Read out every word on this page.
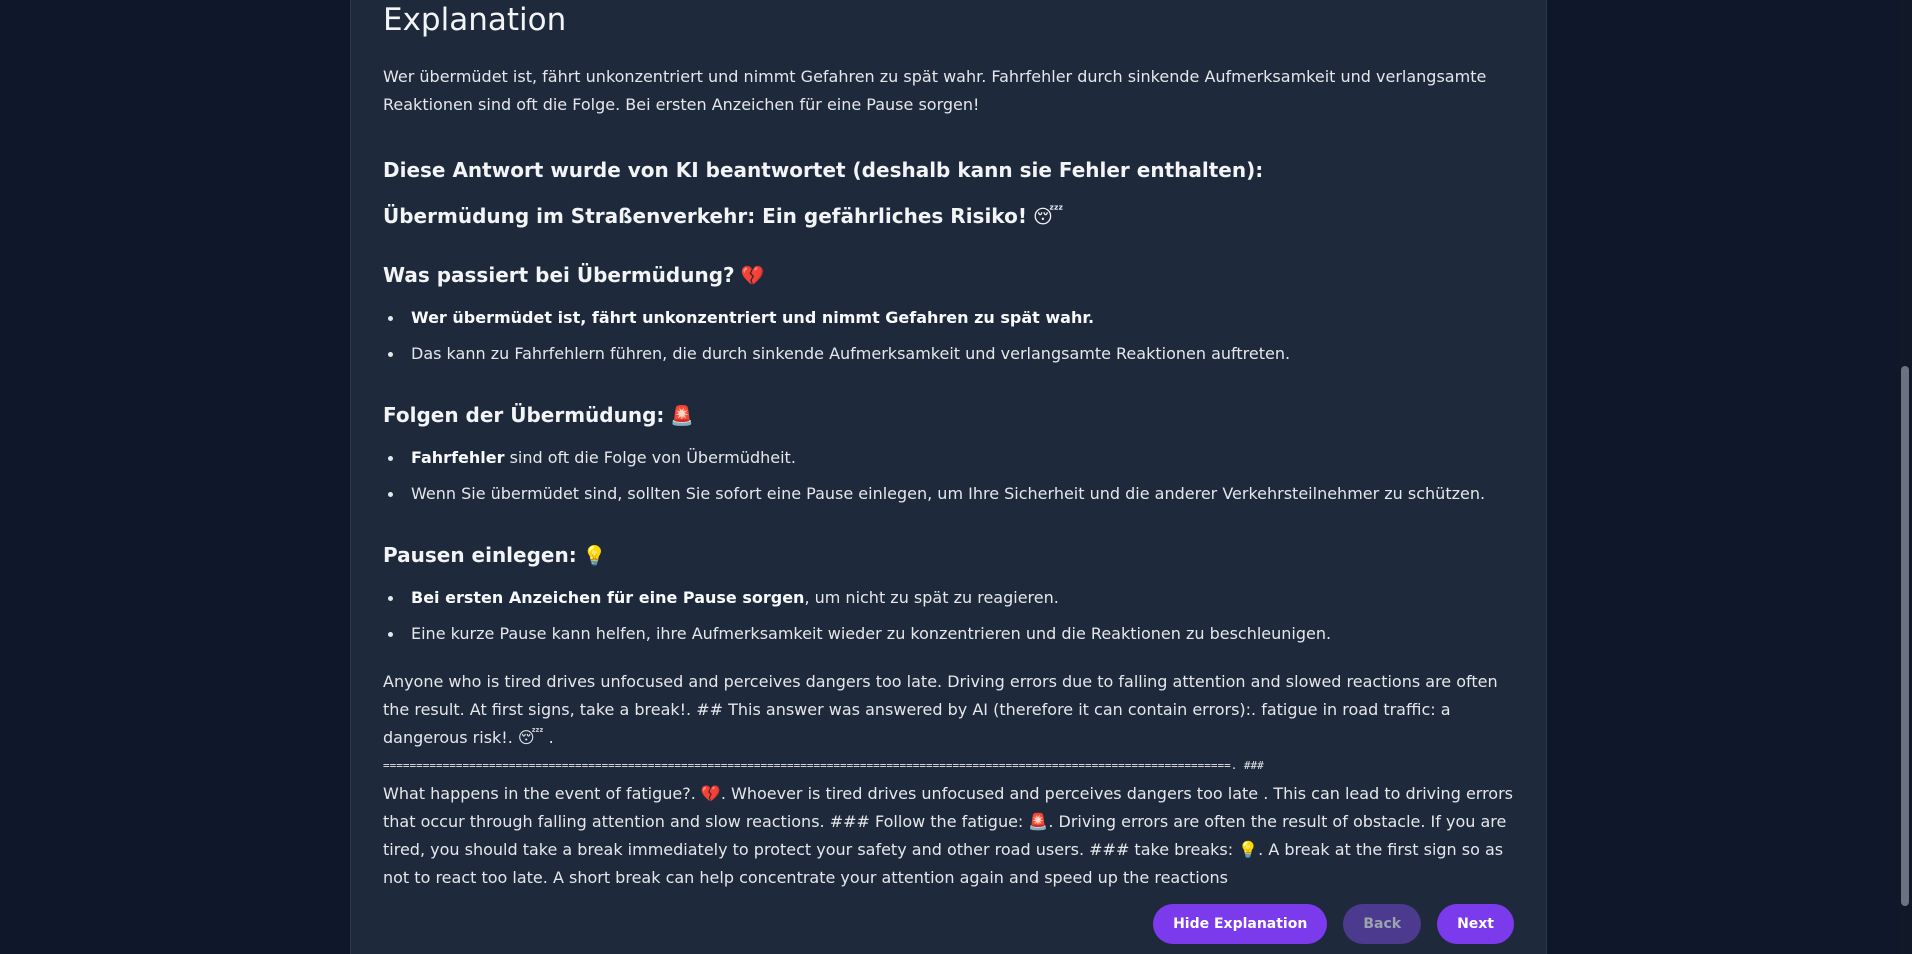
Explanation
Wer übermüdet ist, fährt unkonzentriert und nimmt Gefahren zu spät wahr. Fahrfehler durch sinkende Aufmerksamkeit und verlangsamte Reaktionen sind oft die Folge. Bei ersten Anzeichen für eine Pause sorgen!
Diese Antwort wurde von KI beantwortet (deshalb kann sie Fehler enthalten):
Übermüdung im Straßenverkehr: Ein gefährliches Risiko! 😴
Was passiert bei Übermüdung? 💔
Wer übermüdet ist, fährt unkonzentriert und nimmt Gefahren zu spät wahr.
Das kann zu Fahrfehlern führen, die durch sinkende Aufmerksamkeit und verlangsamte Reaktionen auftreten.
Folgen der Übermüdung: 🚨
Fahrfehler sind oft die Folge von Übermüdheit.
Wenn Sie übermüdet sind, sollten Sie sofort eine Pause einlegen, um Ihre Sicherheit und die anderer Verkehrsteilnehmer zu schützen.
Pausen einlegen: 💡
Bei ersten Anzeichen für eine Pause sorgen, um nicht zu spät zu reagieren.
Eine kurze Pause kann helfen, ihre Aufmerksamkeit wieder zu konzentrieren und die Reaktionen zu beschleunigen.
Anyone who is tired drives unfocused and perceives dangers too late. Driving errors due to falling attention and slowed reactions are often the result. At first signs, take a break!. ## This answer was answered by AI (therefore it can contain errors):. fatigue in road traffic: a dangerous risk!. 😴 .
================================================================================================================================. ###
What happens in the event of fatigue?. 💔. Whoever is tired drives unfocused and perceives dangers too late . This can lead to driving errors that occur through falling attention and slow reactions. ### Follow the fatigue: 🚨. Driving errors are often the result of obstacle. If you are tired, you should take a break immediately to protect your safety and other road users. ### take breaks: 💡. A break at the first sign so as not to react too late. A short break can help concentrate your attention again and speed up the reactions
Hide Explanation	Back	Next
